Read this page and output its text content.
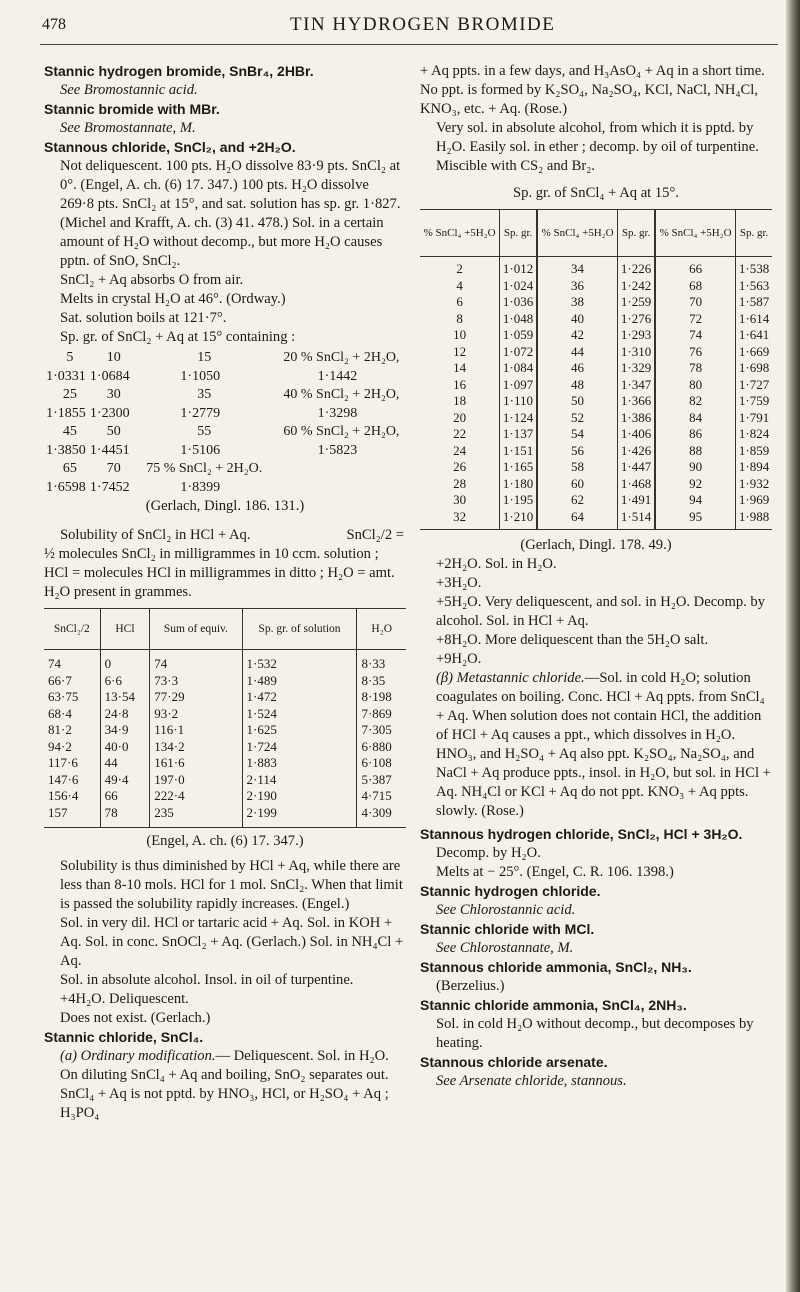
478	TIN HYDROGEN BROMIDE

Stannic hydrogen bromide, SnBr₄, 2HBr.

See Bromostannic acid.

Stannic bromide with MBr.

See Bromostannate, M.

Stannous chloride, SnCl₂, and +2H₂O.

Not deliquescent. 100 pts. H₂O dissolve 83·9 pts. SnCl₂ at 0°. (Engel, A. ch. (6) 17. 347.) 100 pts. H₂O dissolve 269·8 pts. SnCl₂ at 15°, and sat. solution has sp. gr. 1·827. (Michel and Krafft, A. ch. (3) 41. 478.) Sol. in a certain amount of H₂O without decomp., but more H₂O causes pptn. of SnO, SnCl₂.

SnCl₂ + Aq absorbs O from air.

Melts in crystal H₂O at 46°. (Ordway.)

Sat. solution boils at 121·7°.

Sp. gr. of SnCl₂ + Aq at 15° containing :

5	10	15	20 % SnCl₂ + 2H₂O,
1·0331	1·0684	1·1050	1·1442
25	30	35	40 % SnCl₂ + 2H₂O,
1·1855	1·2300	1·2779	1·3298
45	50	55	60 % SnCl₂ + 2H₂O,
1·3850	1·4451	1·5106	1·5823
65	70	75 % SnCl₂ + 2H₂O.	
1·6598	1·7452	1·8399	

(Gerlach, Dingl. 186. 131.)

Solubility of SnCl₂ in HCl + Aq.	SnCl₂/2 =

½ molecules SnCl₂ in milligrammes in 10 ccm. solution ; HCl = molecules HCl in milligrammes in ditto ; H₂O = amt. H₂O present in grammes.

SnCl₂/2	HCl	Sum of equiv.	Sp. gr. of solution	H₂O
74	0	74	1·532	8·33
66·7	6·6	73·3	1·489	8·35
63·75	13·54	77·29	1·472	8·198
68·4	24·8	93·2	1·524	7·869
81·2	34·9	116·1	1·625	7·305
94·2	40·0	134·2	1·724	6·880
117·6	44	161·6	1·883	6·108
147·6	49·4	197·0	2·114	5·387
156·4	66	222·4	2·190	4·715
157	78	235	2·199	4·309

(Engel, A. ch. (6) 17. 347.)

Solubility is thus diminished by HCl + Aq, while there are less than 8-10 mols. HCl for 1 mol. SnCl₂. When that limit is passed the solubility rapidly increases. (Engel.)

Sol. in very dil. HCl or tartaric acid + Aq. Sol. in KOH + Aq. Sol. in conc. SnOCl₂ + Aq. (Gerlach.) Sol. in NH₄Cl + Aq.

Sol. in absolute alcohol. Insol. in oil of turpentine.

+4H₂O. Deliquescent.

Does not exist. (Gerlach.)

Stannic chloride, SnCl₄.

(a) Ordinary modification.— Deliquescent. Sol. in H₂O. On diluting SnCl₄ + Aq and boiling, SnO₂ separates out. SnCl₄ + Aq is not pptd. by HNO₃, HCl, or H₂SO₄ + Aq ; H₃PO₄

+ Aq ppts. in a few days, and H₃AsO₄ + Aq in a short time. No ppt. is formed by K₂SO₄, Na₂SO₄, KCl, NaCl, NH₄Cl, KNO₃, etc. + Aq. (Rose.)

Very sol. in absolute alcohol, from which it is pptd. by H₂O. Easily sol. in ether ; decomp. by oil of turpentine. Miscible with CS₂ and Br₂.

Sp. gr. of SnCl₄ + Aq at 15°.

% SnCl₄ +5H₂O	Sp. gr.	% SnCl₄ +5H₂O	Sp. gr.	% SnCl₄ +5H₂O	Sp. gr.
2	1·012	34	1·226	66	1·538
4	1·024	36	1·242	68	1·563
6	1·036	38	1·259	70	1·587
8	1·048	40	1·276	72	1·614
10	1·059	42	1·293	74	1·641
12	1·072	44	1·310	76	1·669
14	1·084	46	1·329	78	1·698
16	1·097	48	1·347	80	1·727
18	1·110	50	1·366	82	1·759
20	1·124	52	1·386	84	1·791
22	1·137	54	1·406	86	1·824
24	1·151	56	1·426	88	1·859
26	1·165	58	1·447	90	1·894
28	1·180	60	1·468	92	1·932
30	1·195	62	1·491	94	1·969
32	1·210	64	1·514	95	1·988

(Gerlach, Dingl. 178. 49.)

+2H₂O. Sol. in H₂O.

+3H₂O.

+5H₂O. Very deliquescent, and sol. in H₂O. Decomp. by alcohol. Sol. in HCl + Aq.

+8H₂O. More deliquescent than the 5H₂O salt.

+9H₂O.

(β) Metastannic chloride.—Sol. in cold H₂O; solution coagulates on boiling. Conc. HCl + Aq ppts. from SnCl₄ + Aq. When solution does not contain HCl, the addition of HCl + Aq causes a ppt., which dissolves in H₂O. HNO₃, and H₂SO₄ + Aq also ppt. K₂SO₄, Na₂SO₄, and NaCl + Aq produce ppts., insol. in H₂O, but sol. in HCl + Aq. NH₄Cl or KCl + Aq do not ppt. KNO₃ + Aq ppts. slowly. (Rose.)

Stannous hydrogen chloride, SnCl₂, HCl + 3H₂O.

Decomp. by H₂O.

Melts at − 25°. (Engel, C. R. 106. 1398.)

Stannic hydrogen chloride.

See Chlorostannic acid.

Stannic chloride with MCl.

See Chlorostannate, M.

Stannous chloride ammonia, SnCl₂, NH₃.

(Berzelius.)

Stannic chloride ammonia, SnCl₄, 2NH₃.

Sol. in cold H₂O without decomp., but decomposes by heating.

Stannous chloride arsenate.

See Arsenate chloride, stannous.
